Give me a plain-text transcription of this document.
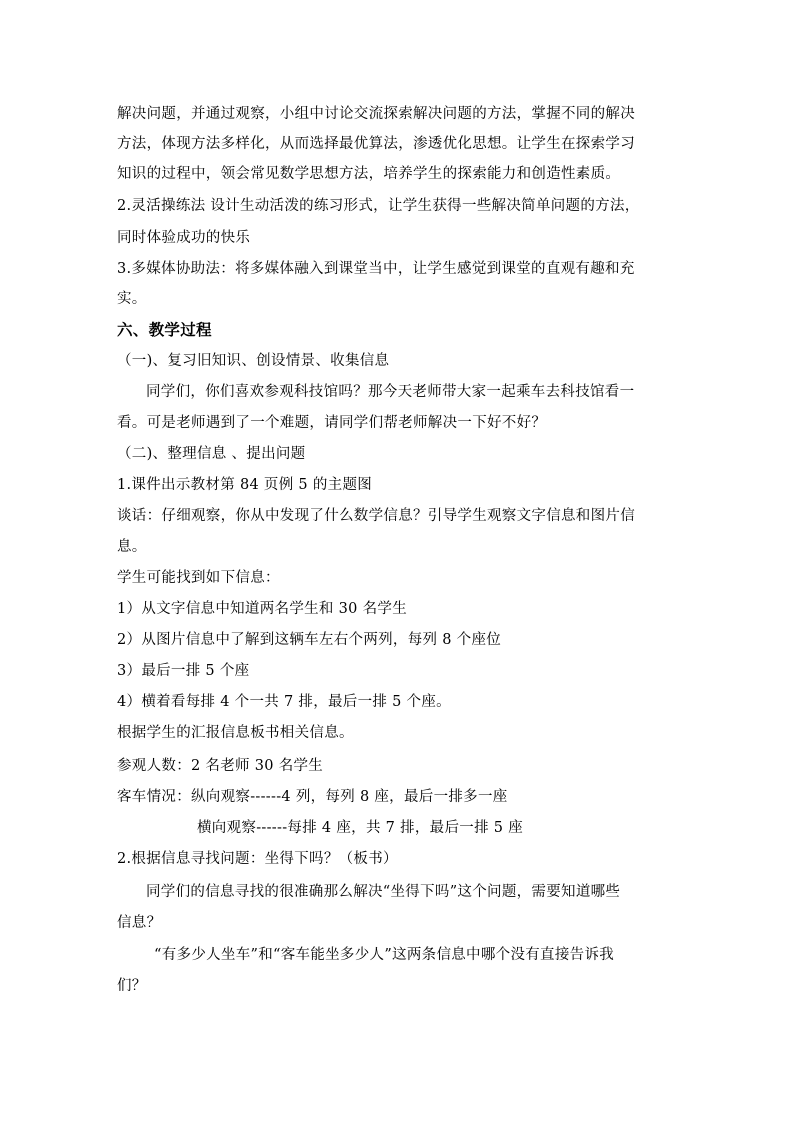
解决问题，并通过观察，小组中讨论交流探索解决问题的方法，掌握不同的解决
方法，体现方法多样化，从而选择最优算法，渗透优化思想。让学生在探索学习
知识的过程中，领会常见数学思想方法，培养学生的探索能力和创造性素质。
2.灵活操练法 设计生动活泼的练习形式，让学生获得一些解决简单问题的方法，
同时体验成功的快乐
3.多媒体协助法：将多媒体融入到课堂当中，让学生感觉到课堂的直观有趣和充
实。
六、教学过程
（一)、复习旧知识、创设情景、收集信息
同学们，你们喜欢参观科技馆吗？那今天老师带大家一起乘车去科技馆看一
看。可是老师遇到了一个难题，请同学们帮老师解决一下好不好？
（二)、整理信息 、提出问题
1.课件出示教材第 84 页例 5 的主题图
谈话：仔细观察，你从中发现了什么数学信息？引导学生观察文字信息和图片信
息。
学生可能找到如下信息：
1）从文字信息中知道两名学生和 30 名学生
2）从图片信息中了解到这辆车左右个两列，每列 8 个座位
3）最后一排 5 个座
4）横着看每排 4 个一共 7 排，最后一排 5 个座。
根据学生的汇报信息板书相关信息。
参观人数：2 名老师 30 名学生
客车情况：纵向观察------4 列，每列 8 座，最后一排多一座
横向观察------每排 4 座，共 7 排，最后一排 5 座
2.根据信息寻找问题：坐得下吗？（板书）
同学们的信息寻找的很准确那么解决“坐得下吗”这个问题，需要知道哪些
信息？
“有多少人坐车”和“客车能坐多少人”这两条信息中哪个没有直接告诉我
们？
